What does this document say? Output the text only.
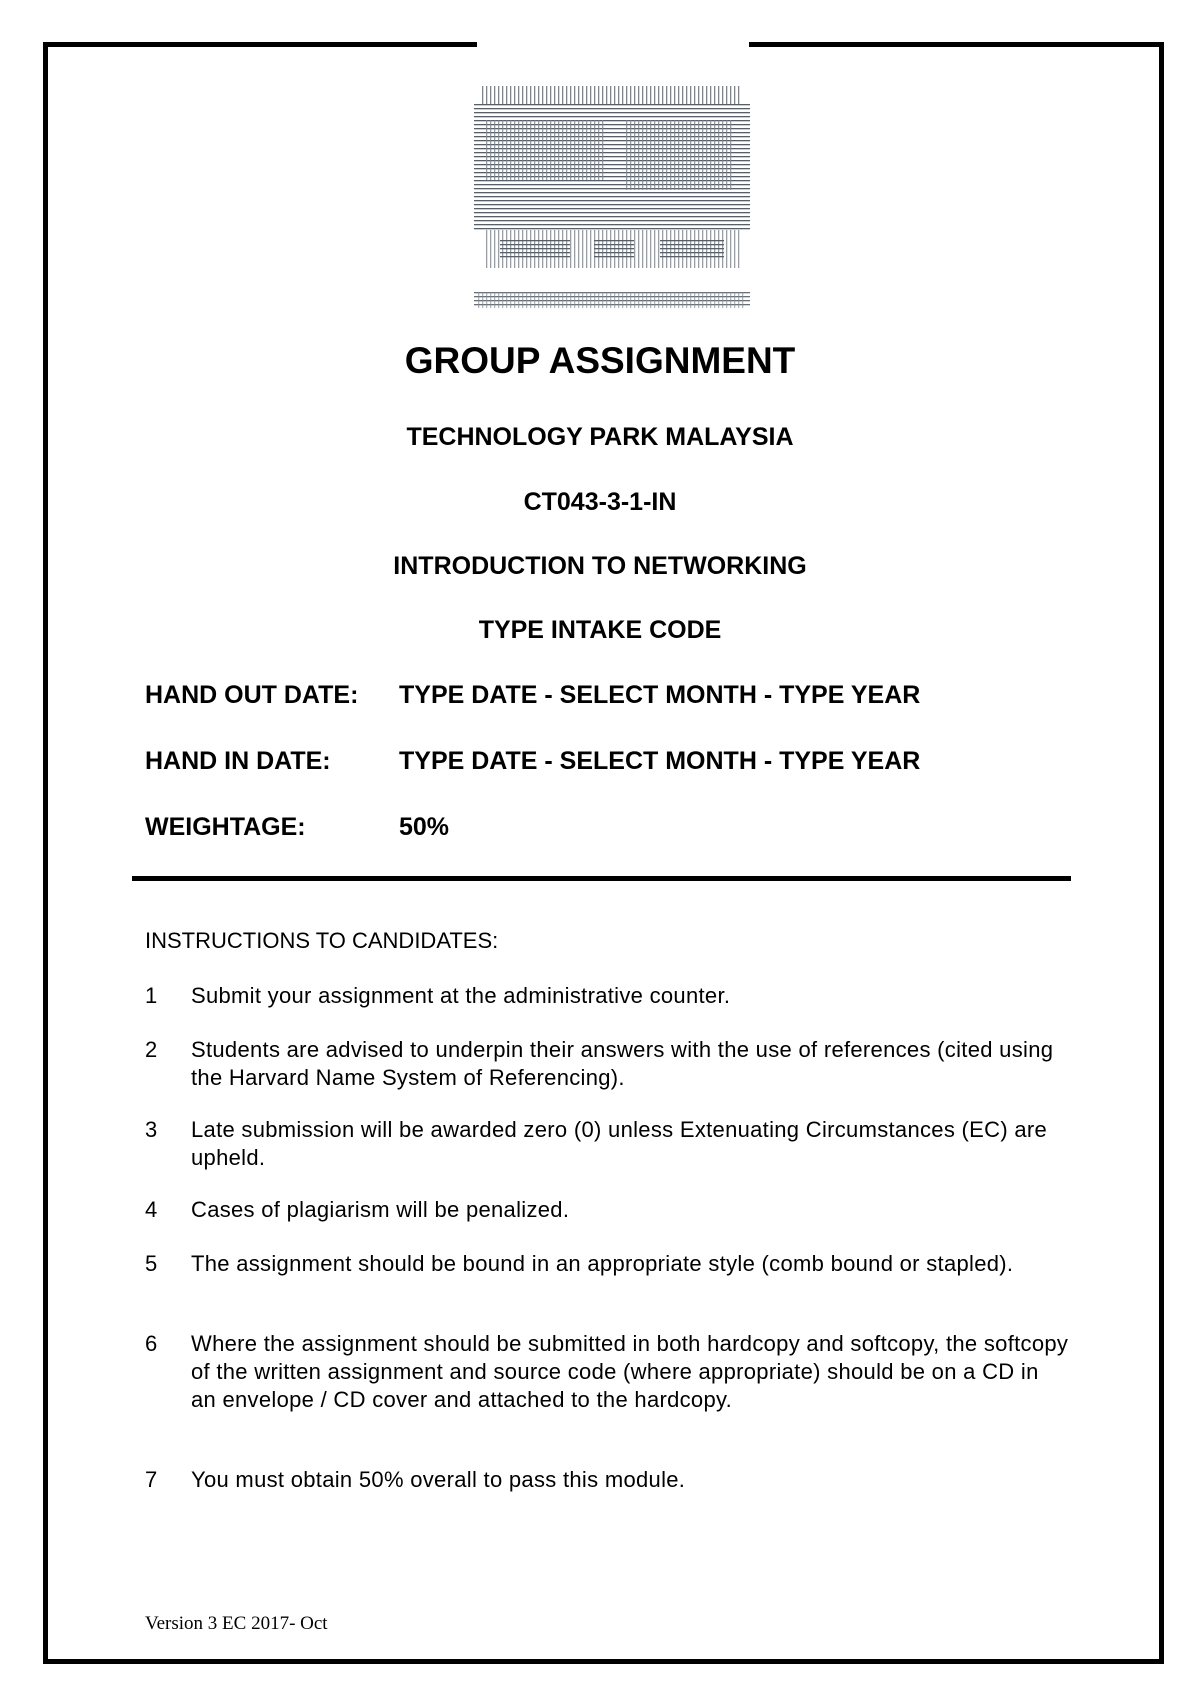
GROUP ASSIGNMENT
TECHNOLOGY PARK MALAYSIA
CT043-3-1-IN
INTRODUCTION TO NETWORKING
TYPE INTAKE CODE
HAND OUT DATE: TYPE DATE - SELECT MONTH - TYPE YEAR
HAND IN DATE:	TYPE DATE - SELECT MONTH - TYPE YEAR
WEIGHTAGE:	50%
INSTRUCTIONS TO CANDIDATES:
1	Submit your assignment at the administrative counter.
2	Students are advised to underpin their answers with the use of references (cited using the Harvard Name System of Referencing).
3	Late submission will be awarded zero (0) unless Extenuating Circumstances (EC) are upheld.
4	Cases of plagiarism will be penalized.
5	The assignment should be bound in an appropriate style (comb bound or stapled).
6	Where the assignment should be submitted in both hardcopy and softcopy, the softcopy of the written assignment and source code (where appropriate) should be on a CD in an envelope / CD cover and attached to the hardcopy.
7	You must obtain 50% overall to pass this module.
Version 3 EC 2017- Oct
